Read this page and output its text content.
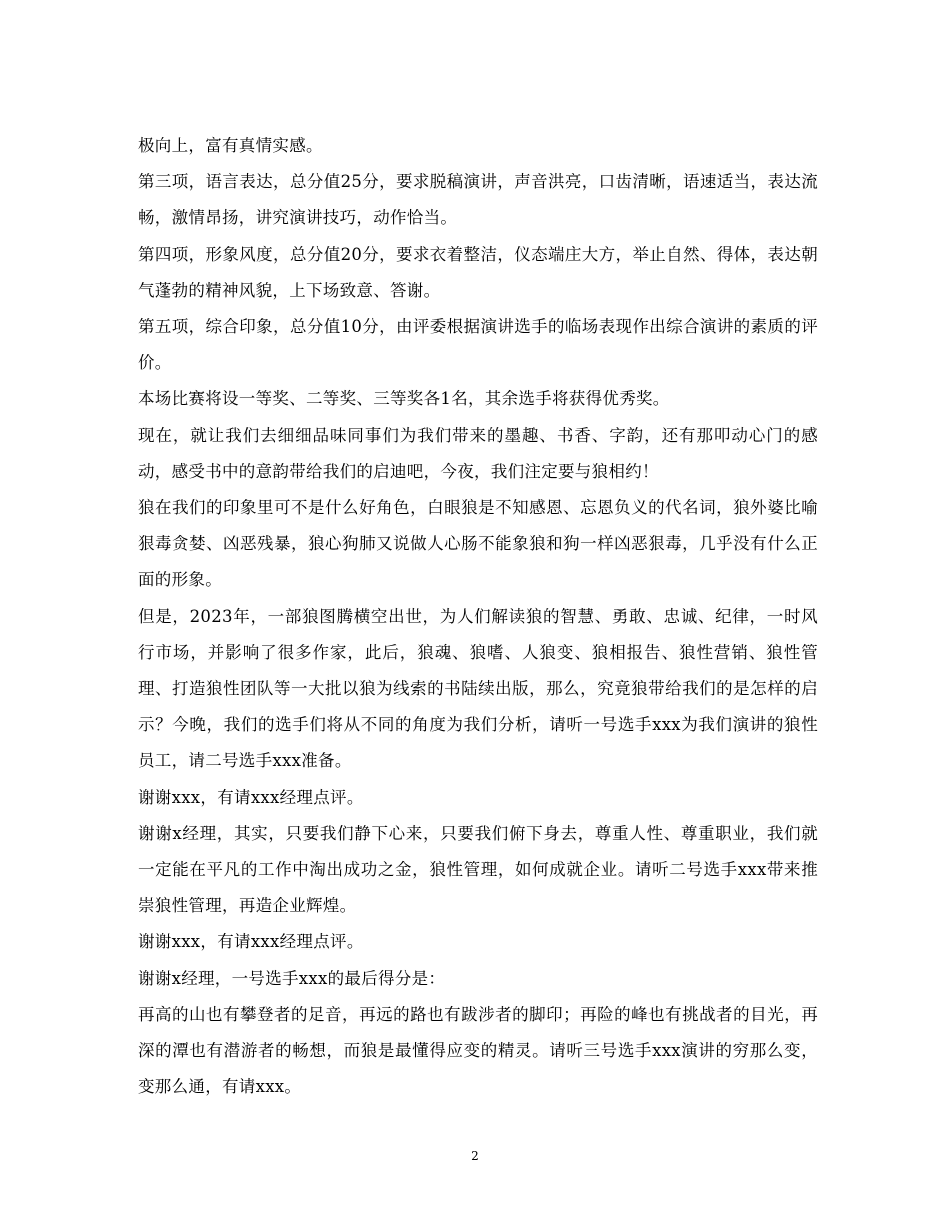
极向上，富有真情实感。

第三项，语言表达，总分值25分，要求脱稿演讲，声音洪亮，口齿清晰，语速适当，表达流畅，激情昂扬，讲究演讲技巧，动作恰当。

第四项，形象风度，总分值20分，要求衣着整洁，仪态端庄大方，举止自然、得体，表达朝气蓬勃的精神风貌，上下场致意、答谢。

第五项，综合印象，总分值10分，由评委根据演讲选手的临场表现作出综合演讲的素质的评价。

本场比赛将设一等奖、二等奖、三等奖各1名，其余选手将获得优秀奖。

现在，就让我们去细细品味同事们为我们带来的墨趣、书香、字韵，还有那叩动心门的感动，感受书中的意韵带给我们的启迪吧，今夜，我们注定要与狼相约！

狼在我们的印象里可不是什么好角色，白眼狼是不知感恩、忘恩负义的代名词，狼外婆比喻狠毒贪婪、凶恶残暴，狼心狗肺又说做人心肠不能象狼和狗一样凶恶狠毒，几乎没有什么正面的形象。

但是，2023年，一部狼图腾横空出世，为人们解读狼的智慧、勇敢、忠诚、纪律，一时风行市场，并影响了很多作家，此后，狼魂、狼嗜、人狼变、狼相报告、狼性营销、狼性管理、打造狼性团队等一大批以狼为线索的书陆续出版，那么，究竟狼带给我们的是怎样的启示？今晚，我们的选手们将从不同的角度为我们分析，请听一号选手xxx为我们演讲的狼性员工，请二号选手xxx准备。

谢谢xxx，有请xxx经理点评。

谢谢x经理，其实，只要我们静下心来，只要我们俯下身去，尊重人性、尊重职业，我们就一定能在平凡的工作中淘出成功之金，狼性管理，如何成就企业。请听二号选手xxx带来推崇狼性管理，再造企业辉煌。

谢谢xxx，有请xxx经理点评。

谢谢x经理，一号选手xxx的最后得分是：

再高的山也有攀登者的足音，再远的路也有跋涉者的脚印；再险的峰也有挑战者的目光，再深的潭也有潜游者的畅想，而狼是最懂得应变的精灵。请听三号选手xxx演讲的穷那么变，变那么通，有请xxx。

2
